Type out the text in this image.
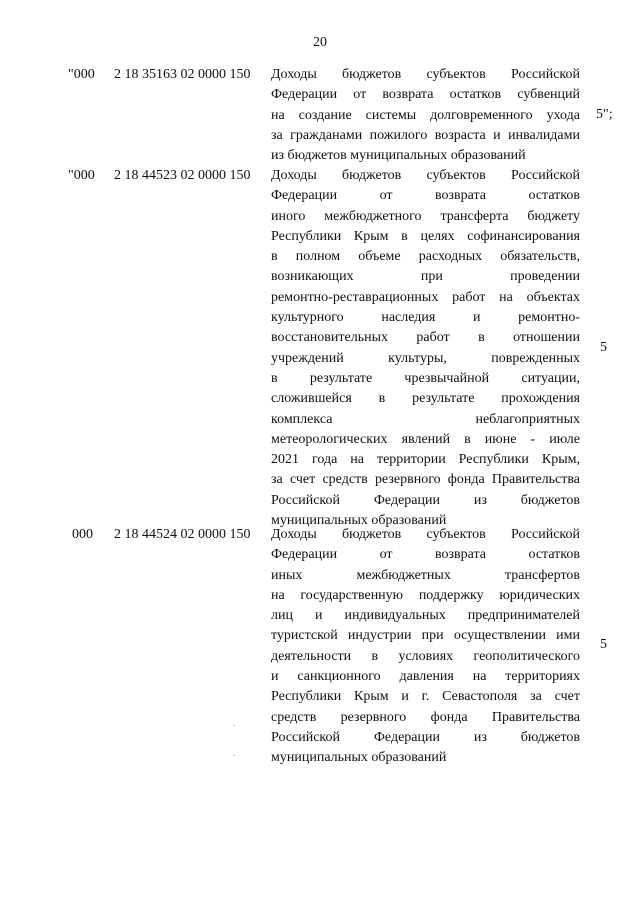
20
"000 2 18 35163 02 0000 150 Доходы бюджетов субъектов Российской
Федерации от возврата остатков субвенций
на создание системы долговременного ухода
за гражданами пожилого возраста и инвалидами
из бюджетов муниципальных образований
5";
"000 2 18 44523 02 0000 150 Доходы бюджетов субъектов Российской
Федерации от возврата остатков
иного межбюджетного трансферта бюджету
Республики Крым в целях софинансирования
в полном объеме расходных обязательств,
возникающих при проведении
ремонтно-реставрационных работ на объектах
культурного наследия и ремонтно-
восстановительных работ в отношении
учреждений культуры, поврежденных
в результате чрезвычайной ситуации,
сложившейся в результате прохождения
комплекса неблагоприятных
метеорологических явлений в июне - июле
2021 года на территории Республики Крым,
за счет средств резервного фонда Правительства
Российской Федерации из бюджетов
муниципальных образований
5
000 2 18 44524 02 0000 150 Доходы бюджетов субъектов Российской
Федерации от возврата остатков
иных межбюджетных трансфертов
на государственную поддержку юридических
лиц и индивидуальных предпринимателей
туристской индустрии при осуществлении ими
деятельности в условиях геополитического
и санкционного давления на территориях
Республики Крым и г. Севастополя за счет
средств резервного фонда Правительства
Российской Федерации из бюджетов
муниципальных образований
5
·
·
